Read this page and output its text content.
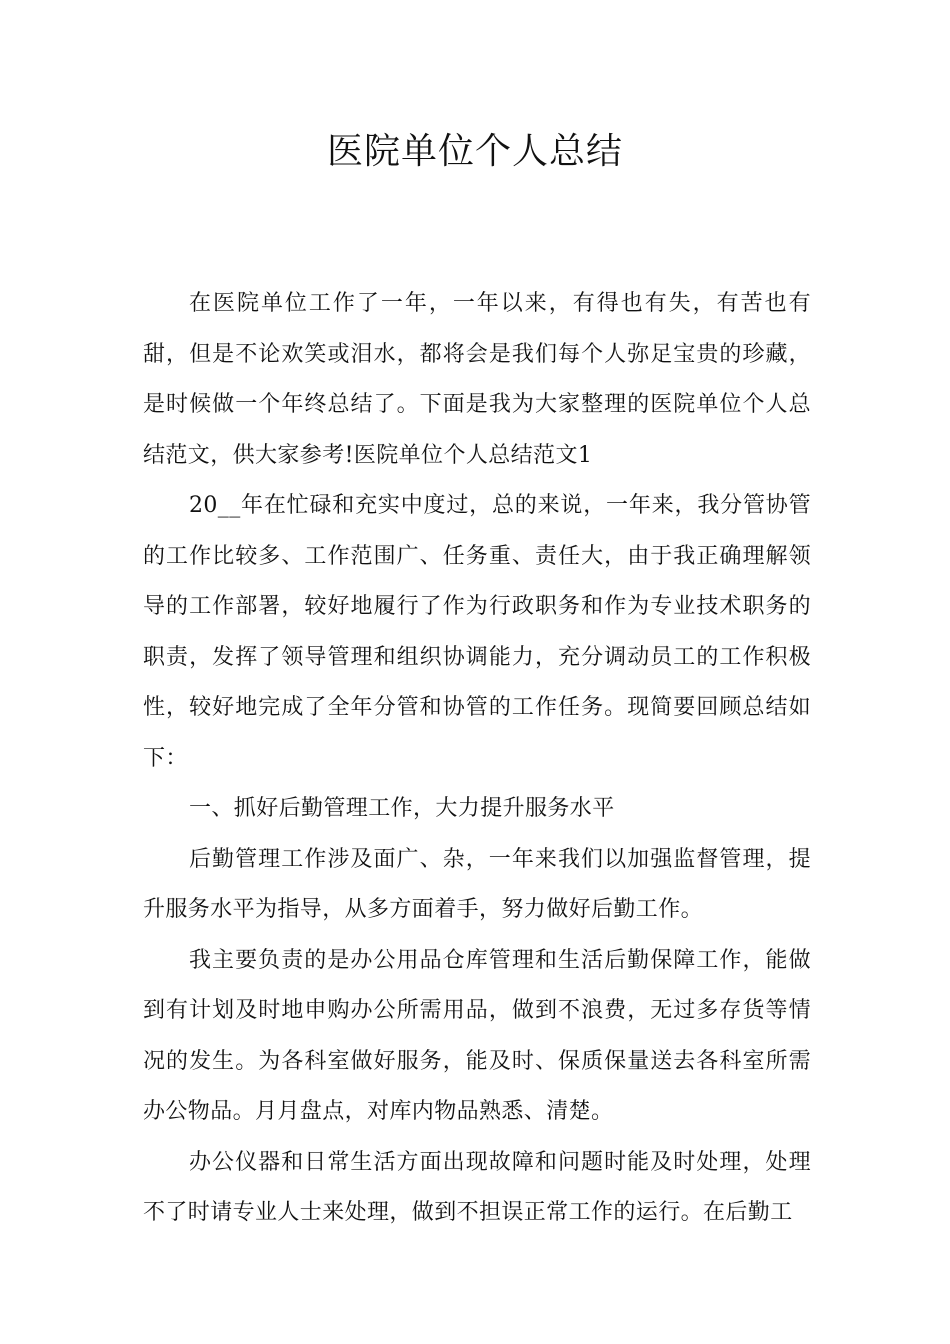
医院单位个人总结

在医院单位工作了一年，一年以来，有得也有失，有苦也有甜，但是不论欢笑或泪水，都将会是我们每个人弥足宝贵的珍藏，是时候做一个年终总结了。下面是我为大家整理的医院单位个人总结范文，供大家参考!医院单位个人总结范文1

20__年在忙碌和充实中度过，总的来说，一年来，我分管协管的工作比较多、工作范围广、任务重、责任大，由于我正确理解领导的工作部署，较好地履行了作为行政职务和作为专业技术职务的职责，发挥了领导管理和组织协调能力，充分调动员工的工作积极性，较好地完成了全年分管和协管的工作任务。现简要回顾总结如下：

一、抓好后勤管理工作，大力提升服务水平

后勤管理工作涉及面广、杂，一年来我们以加强监督管理，提升服务水平为指导，从多方面着手，努力做好后勤工作。

我主要负责的是办公用品仓库管理和生活后勤保障工作，能做到有计划及时地申购办公所需用品，做到不浪费，无过多存货等情况的发生。为各科室做好服务，能及时、保质保量送去各科室所需办公物品。月月盘点，对库内物品熟悉、清楚。

办公仪器和日常生活方面出现故障和问题时能及时处理，处理不了时请专业人士来处理，做到不担误正常工作的运行。在后勤工
